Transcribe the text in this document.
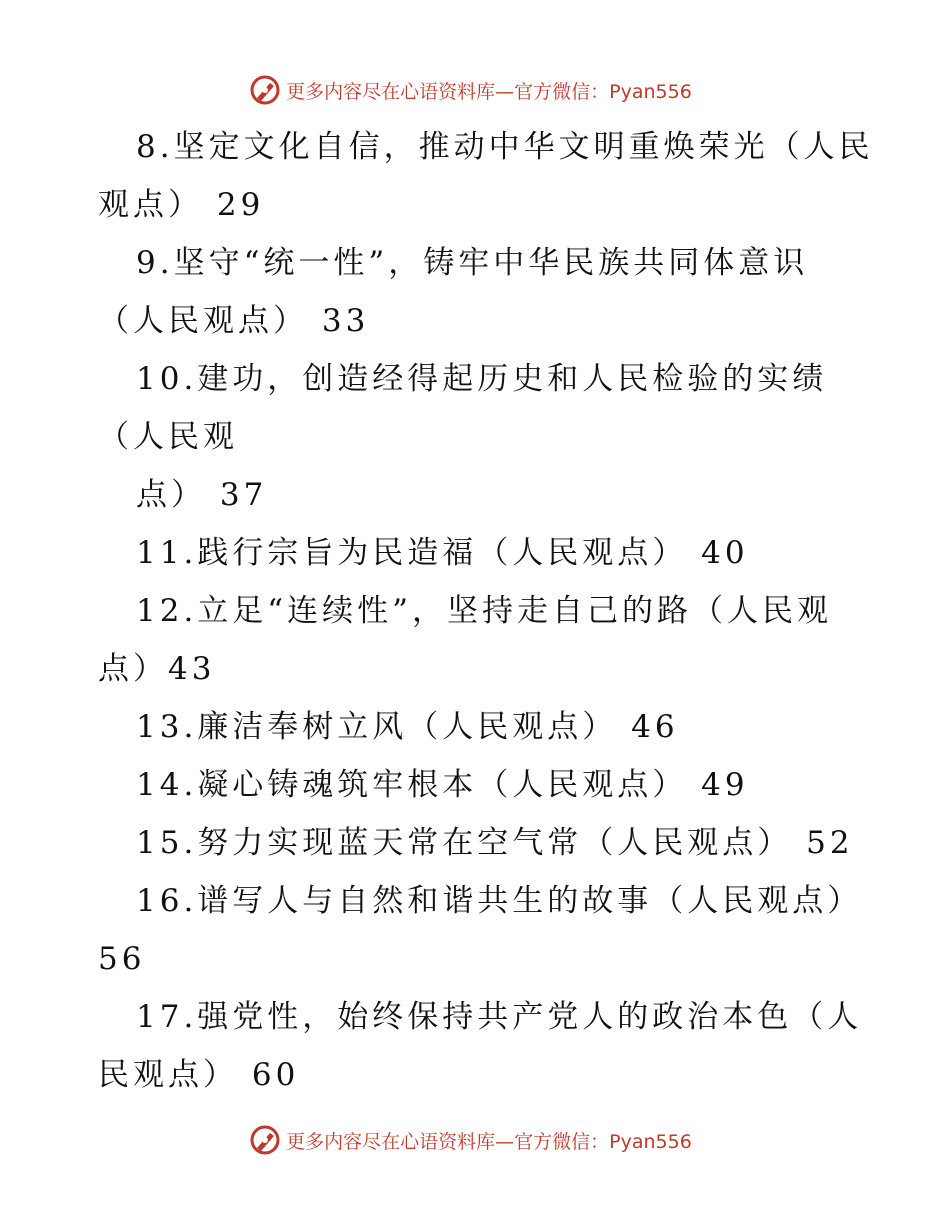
更多内容尽在心语资料库—官方微信：Pyan556
8.坚定文化自信，推动中华文明重焕荣光（人民
观点） 29
9.坚守“统一性”，铸牢中华民族共同体意识
（人民观点） 33
10.建功，创造经得起历史和人民检验的实绩
（人民观
点） 37
11.践行宗旨为民造福（人民观点） 40
12.立足“连续性”，坚持走自己的路（人民观
点）43
13.廉洁奉树立风（人民观点） 46
14.凝心铸魂筑牢根本（人民观点） 49
15.努力实现蓝天常在空气常（人民观点） 52
16.谱写人与自然和谐共生的故事（人民观点）
56
17.强党性，始终保持共产党人的政治本色（人
民观点） 60
更多内容尽在心语资料库—官方微信：Pyan556
